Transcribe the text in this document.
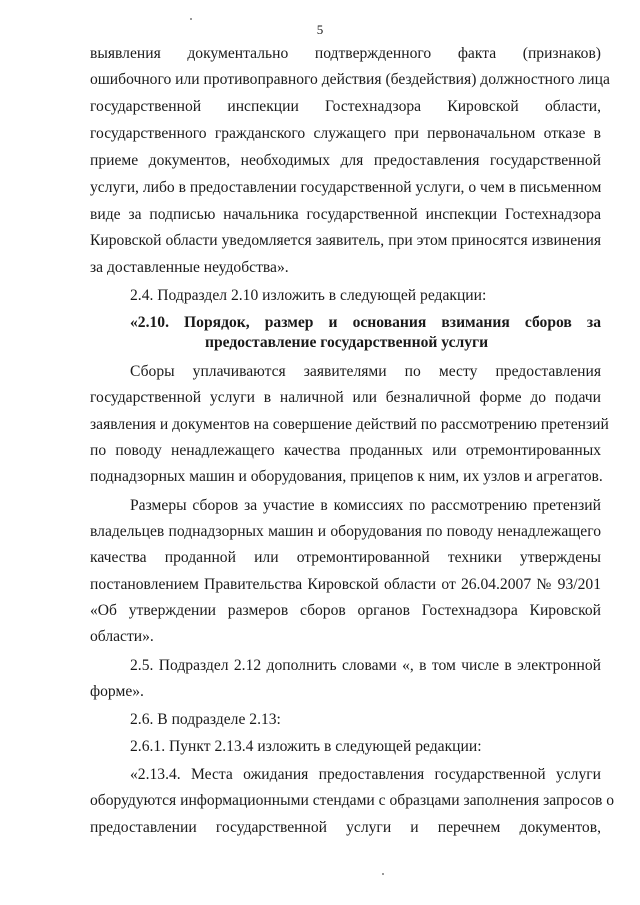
5
выявления документально подтвержденного факта (признаков)
ошибочного или противоправного действия (бездействия) должностного лица
государственной инспекции Гостехнадзора Кировской области,
государственного гражданского служащего при первоначальном отказе в
приеме документов, необходимых для предоставления государственной
услуги, либо в предоставлении государственной услуги, о чем в письменном
виде за подписью начальника государственной инспекции Гостехнадзора
Кировской области уведомляется заявитель, при этом приносятся извинения
за доставленные неудобства».
2.4. Подраздел 2.10 изложить в следующей редакции:
«2.10. Порядок, размер и основания взимания сборов за
предоставление государственной услуги
Сборы уплачиваются заявителями по месту предоставления
государственной услуги в наличной или безналичной форме до подачи
заявления и документов на совершение действий по рассмотрению претензий
по поводу ненадлежащего качества проданных или отремонтированных
поднадзорных машин и оборудования, прицепов к ним, их узлов и агрегатов.
Размеры сборов за участие в комиссиях по рассмотрению претензий
владельцев поднадзорных машин и оборудования по поводу ненадлежащего
качества проданной или отремонтированной техники утверждены
постановлением Правительства Кировской области от 26.04.2007 № 93/201
«Об утверждении размеров сборов органов Гостехнадзора Кировской
области».
2.5. Подраздел 2.12 дополнить словами «, в том числе в электронной
форме».
2.6. В подразделе 2.13:
2.6.1. Пункт 2.13.4 изложить в следующей редакции:
«2.13.4. Места ожидания предоставления государственной услуги
оборудуются информационными стендами с образцами заполнения запросов о
предоставлении государственной услуги и перечнем документов,
